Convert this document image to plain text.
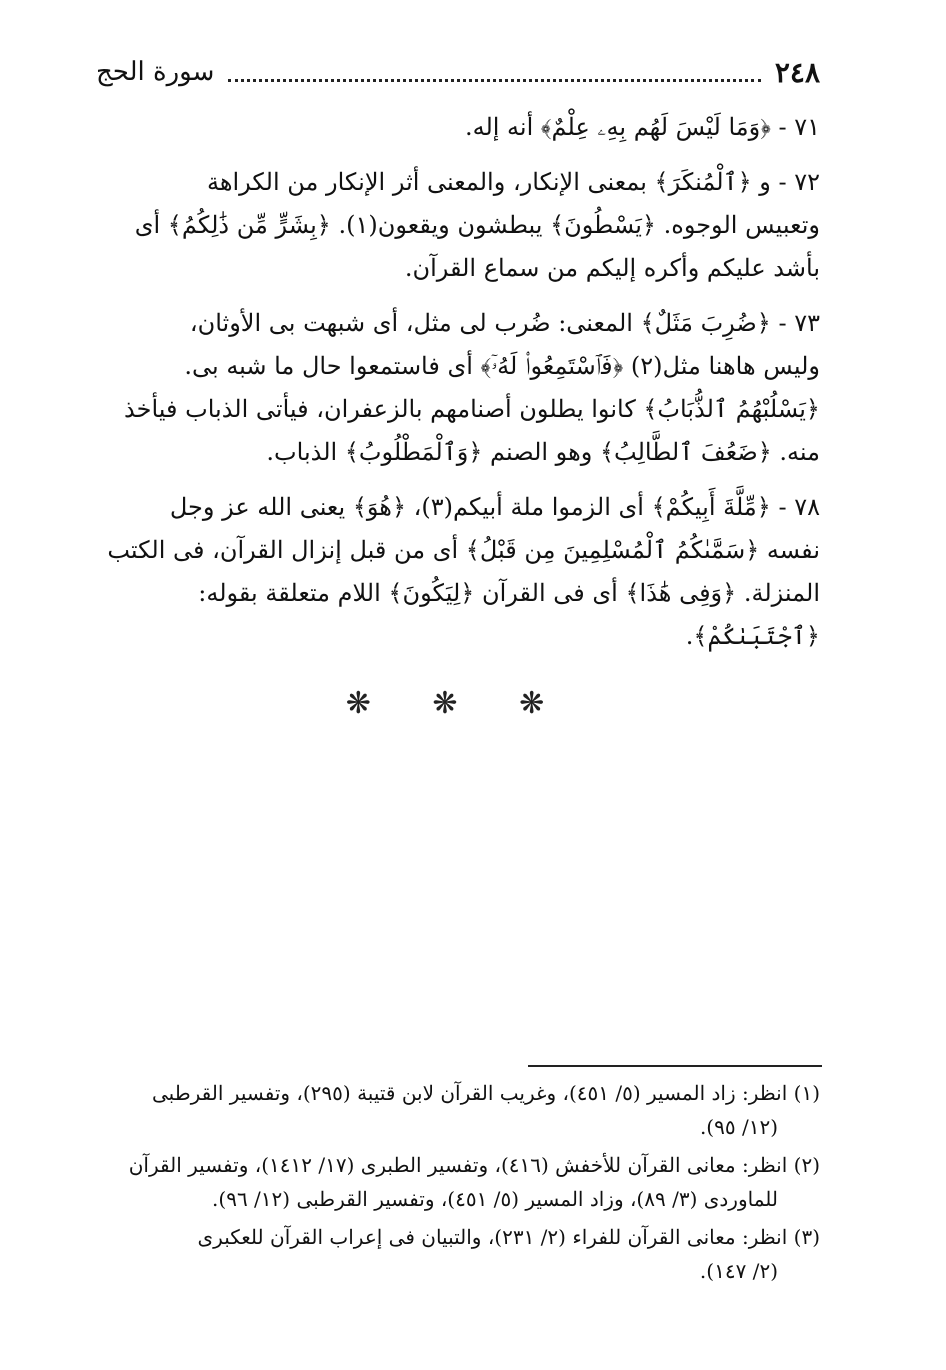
٢٤٨
سورة الحج

٧١ - ﴿وَمَا لَيْسَ لَهُم بِهِۦ عِلْمٌ﴾ أنه إله.

٧٢ - و ﴿ٱلْمُنكَرَ﴾ بمعنى الإنكار، والمعنى أثر الإنكار من الكراهة

وتعبيس الوجوه. ﴿يَسْطُونَ﴾ يبطشون ويقعون(١). ﴿بِشَرٍّ مِّن ذَٰلِكُمُ﴾ أى

بأشد عليكم وأكره إليكم من سماع القرآن.

٧٣ - ﴿ضُرِبَ مَثَلٌ﴾ المعنى: ضُرب لى مثل، أى شبهت بى الأوثان،

وليس هاهنا مثل(٢) ﴿فَٱسْتَمِعُوا۟ لَهُۥٓ﴾ أى فاستمعوا حال ما شبه بى.

﴿يَسْلُبْهُمُ ٱلذُّبَابُ﴾ كانوا يطلون أصنامهم بالزعفران، فيأتى الذباب فيأخذ

منه. ﴿ضَعُفَ ٱلطَّالِبُ﴾ وهو الصنم ﴿وَٱلْمَطْلُوبُ﴾ الذباب.

٧٨ - ﴿مِّلَّةَ أَبِيكُمْ﴾ أى الزموا ملة أبيكم(٣)، ﴿هُوَ﴾ يعنى الله عز وجل

نفسه ﴿سَمَّىٰكُمُ ٱلْمُسْلِمِينَ مِن قَبْلُ﴾ أى من قبل إنزال القرآن، فى الكتب

المنزلة. ﴿وَفِى هَٰذَا﴾ أى فى القرآن ﴿لِيَكُونَ﴾ اللام متعلقة بقوله:

﴿ٱجْتَبَىٰكُمْ﴾.

❋ ❋ ❋

(١) انظر: زاد المسير (٥/ ٤٥١)، وغريب القرآن لابن قتيبة (٢٩٥)، وتفسير القرطبى

(١٢/ ٩٥).

(٢) انظر: معانى القرآن للأخفش (٤١٦)، وتفسير الطبرى (١٧/ ١٤١٢)، وتفسير القرآن

للماوردى (٣/ ٨٩)، وزاد المسير (٥/ ٤٥١)، وتفسير القرطبى (١٢/ ٩٦).

(٣) انظر: معانى القرآن للفراء (٢/ ٢٣١)، والتبيان فى إعراب القرآن للعكبرى

(٢/ ١٤٧).
